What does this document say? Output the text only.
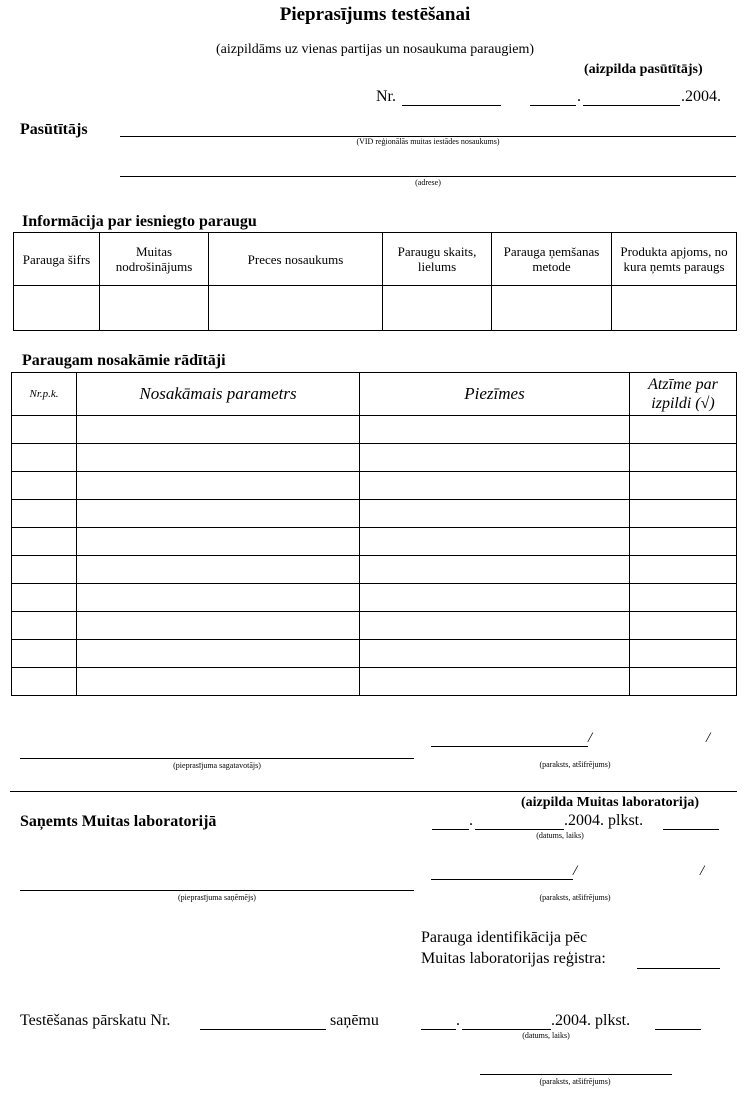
Pieprasījums testēšanai
(aizpildāms uz vienas partijas un nosaukuma paraugiem)
(aizpilda pasūtītājs)
Nr.	.	.2004.
Pasūtītājs
(VID reģionālās muitas iestādes nosaukums)
(adrese)
Informācija par iesniegto paraugu
Parauga šifrs	Muitas nodrošinājums	Preces nosaukums	Paraugu skaits, lielums	Parauga ņemšanas metode	Produkta apjoms, no kura ņemts paraugs

Paraugam nosakāmie rādītāji
Nr.p.k.	Nosakāmais parametrs	Piezīmes	Atzīme par izpildi (√)

(pieprasījuma sagatavotājs)
/	/
(paraksts, atšifrējums)
(aizpilda Muitas laboratorija)
Saņemts Muitas laboratorijā	.	.2004. plkst.
(datums, laiks)
(pieprasījuma saņēmējs)
/	/
(paraksts, atšifrējums)
Parauga identifikācija pēc
Muitas laboratorijas reģistra:
Testēšanas pārskatu Nr.	saņēmu	.	.2004. plkst.
(datums, laiks)
(paraksts, atšifrējums)
